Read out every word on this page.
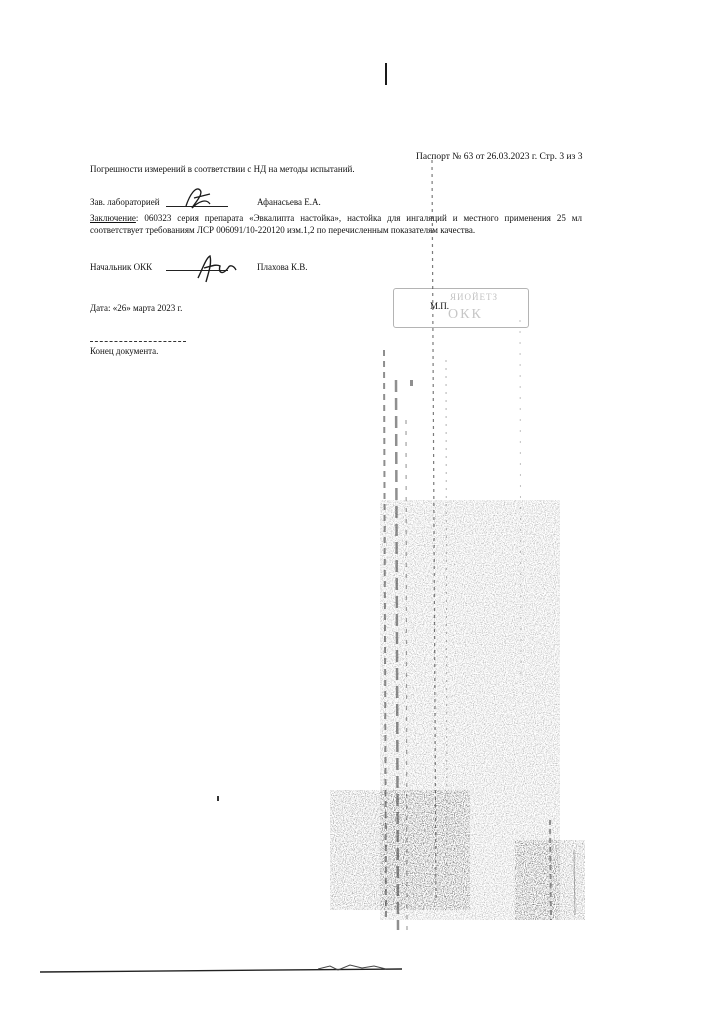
Паспорт № 63 от 26.03.2023 г. Стр. 3 из 3
Погрешности измерений в соответствии с НД на методы испытаний.
Зав. лабораторией	Афанасьева Е.А.
Заключение: 060323 серия препарата «Эвкалипта настойка», настойка для ингаляций и местного применения 25 мл соответствует требованиям ЛСР 006091/10-220120 изм.1,2 по перечисленным показателям качества.
Начальник ОКК	Плахова К.В.
Дата: «26» марта 2023 г.
ЯИОЙЕТЗ
М.П.
ОКК
Конец документа.
